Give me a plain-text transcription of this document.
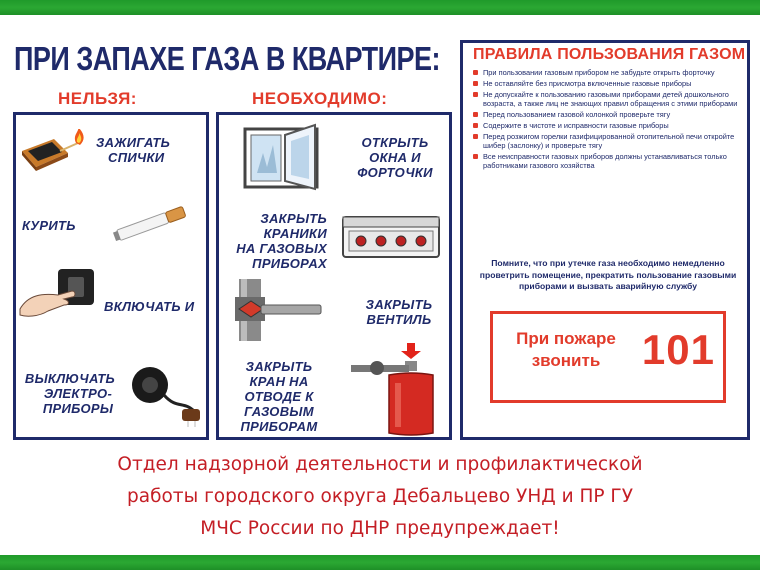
ПРИ ЗАПАХЕ ГАЗА В КВАРТИРЕ:
НЕЛЬЗЯ:	НЕОБХОДИМО:
ЗАЖИГАТЬ
СПИЧКИ
КУРИТЬ
ВКЛЮЧАТЬ И
ВЫКЛЮЧАТЬ
ЭЛЕКТРО-
ПРИБОРЫ
ОТКРЫТЬ
ОКНА И
ФОРТОЧКИ
ЗАКРЫТЬ
КРАНИКИ
НА ГАЗОВЫХ
ПРИБОРАХ
ЗАКРЫТЬ
КРАН НА
ОТВОДЕ К
ГАЗОВЫМ
ПРИБОРАМ
ЗАКРЫТЬ
ВЕНТИЛЬ
ПРАВИЛА ПОЛЬЗОВАНИЯ ГАЗОМ
При пользовании газовым прибором не забудьте открыть форточку
Не оставляйте без присмотра включенные газовые приборы
Не допускайте к пользованию газовыми приборами детей дошкольного возраста, а также лиц не знающих правил обращения с этими приборами
Перед пользованием газовой колонкой проверьте тягу
Содержите в чистоте и исправности газовые приборы
Перед розжигом горелки газифицированной отопительной печи откройте шибер (заслонку) и проверьте тягу
Все неисправности газовых приборов должны устанавливаться только работниками газового хозяйства
Помните, что при утечке газа необходимо немедленно проветрить помещение, прекратить пользование газовыми приборами и вызвать аварийную службу
При пожаре
звонить 101
Отдел надзорной деятельности и профилактической
работы городского округа Дебальцево УНД и ПР ГУ
МЧС России по ДНР предупреждает!
